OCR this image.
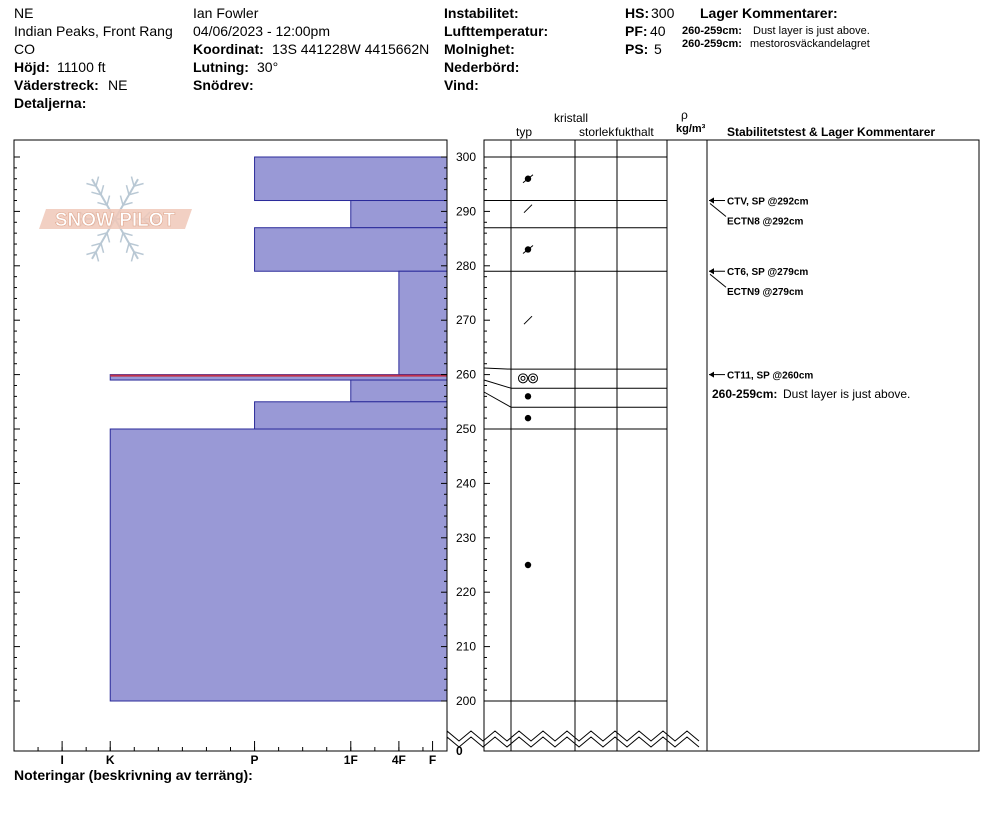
NE
Indian Peaks, Front Rang
CO
Höjd: 11100 ft
Väderstreck: NE
Detaljerna:
Ian Fowler
04/06/2023 - 12:00pm
Koordinat: 13S 441228W 4415662N
Lutning: 30°
Snödrev:
Instabilitet:
Lufttemperatur:
Molnighet:
Nederbörd:
Vind:
HS: 300
PF: 40
PS: 5
Lager Kommentarer:
260-259cm: Dust layer is just above.
260-259cm: mestorosväckandelagret
kristall
typ	storlek fukthalt
ρ
kg/m³ Stabilitetstest & Lager Kommentarer
SNOW PILOT
300
290
280
270
260
250
240
230
220
210
200
0
I	K	P	1F	4F F
CTV, SP @292cm
ECTN8 @292cm
CT6, SP @279cm
ECTN9 @279cm
CT11, SP @260cm
260-259cm: Dust layer is just above.
Noteringar (beskrivning av terräng):
